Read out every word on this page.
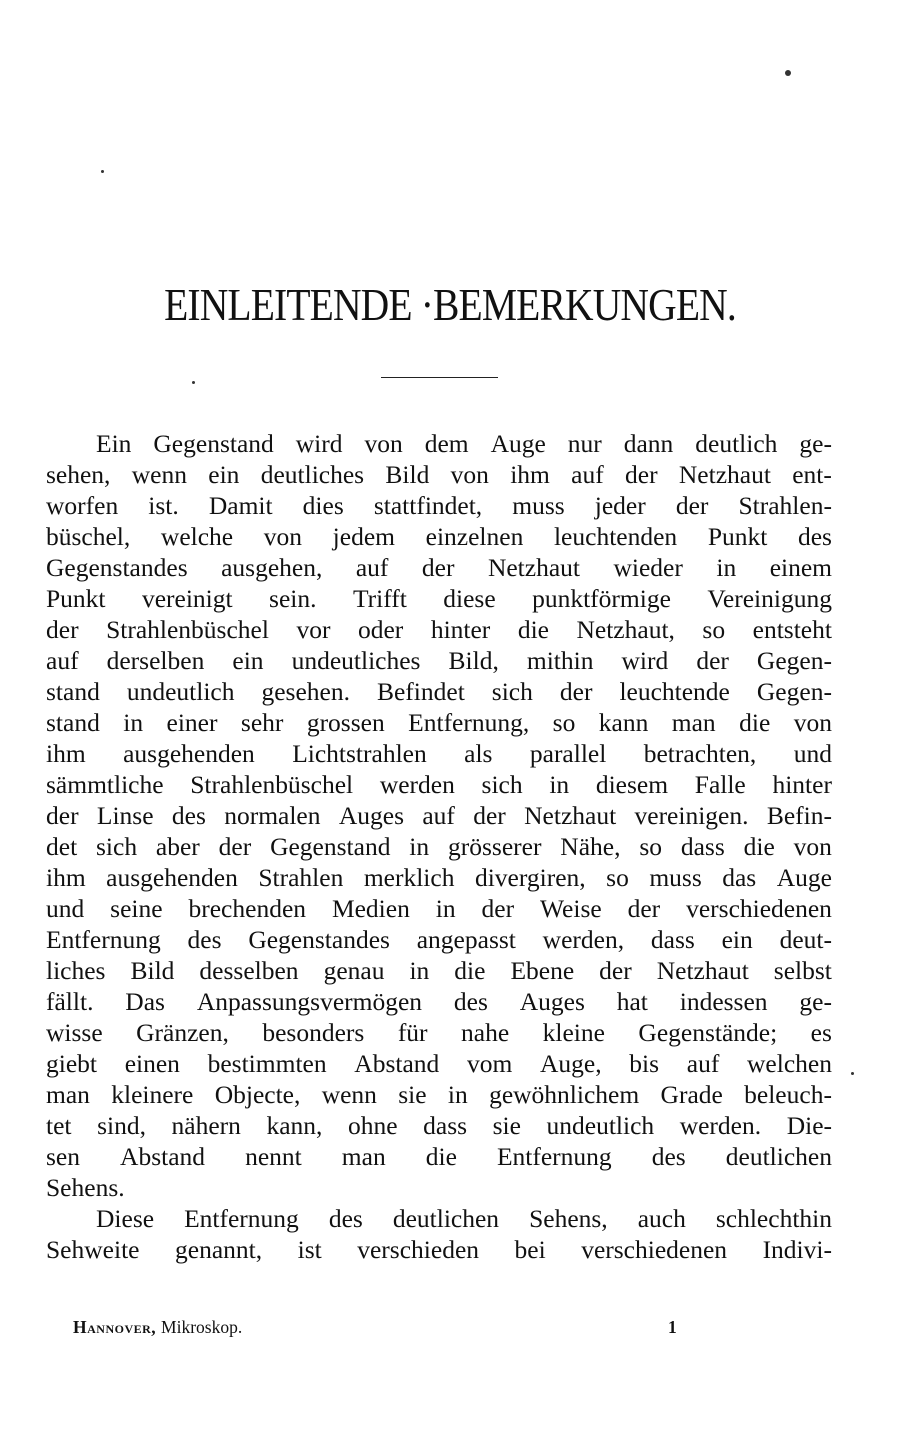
EINLEITENDE ·BEMERKUNGEN.
Ein Gegenstand wird von dem Auge nur dann deutlich ge-
sehen, wenn ein deutliches Bild von ihm auf der Netzhaut ent-
worfen ist. Damit dies stattfindet, muss jeder der Strahlen-
büschel, welche von jedem einzelnen leuchtenden Punkt des
Gegenstandes ausgehen, auf der Netzhaut wieder in einem
Punkt vereinigt sein. Trifft diese punktförmige Vereinigung
der Strahlenbüschel vor oder hinter die Netzhaut, so entsteht
auf derselben ein undeutliches Bild, mithin wird der Gegen-
stand undeutlich gesehen. Befindet sich der leuchtende Gegen-
stand in einer sehr grossen Entfernung, so kann man die von
ihm ausgehenden Lichtstrahlen als parallel betrachten, und
sämmtliche Strahlenbüschel werden sich in diesem Falle hinter
der Linse des normalen Auges auf der Netzhaut vereinigen. Befin-
det sich aber der Gegenstand in grösserer Nähe, so dass die von
ihm ausgehenden Strahlen merklich divergiren, so muss das Auge
und seine brechenden Medien in der Weise der verschiedenen
Entfernung des Gegenstandes angepasst werden, dass ein deut-
liches Bild desselben genau in die Ebene der Netzhaut selbst
fällt. Das Anpassungsvermögen des Auges hat indessen ge-
wisse Gränzen, besonders für nahe kleine Gegenstände; es
giebt einen bestimmten Abstand vom Auge, bis auf welchen
man kleinere Objecte, wenn sie in gewöhnlichem Grade beleuch-
tet sind, nähern kann, ohne dass sie undeutlich werden. Die-
sen Abstand nennt man die Entfernung des deutlichen
Sehens.
Diese Entfernung des deutlichen Sehens, auch schlechthin
Sehweite genannt, ist verschieden bei verschiedenen Indivi-
Hannover, Mikroskop.	1
